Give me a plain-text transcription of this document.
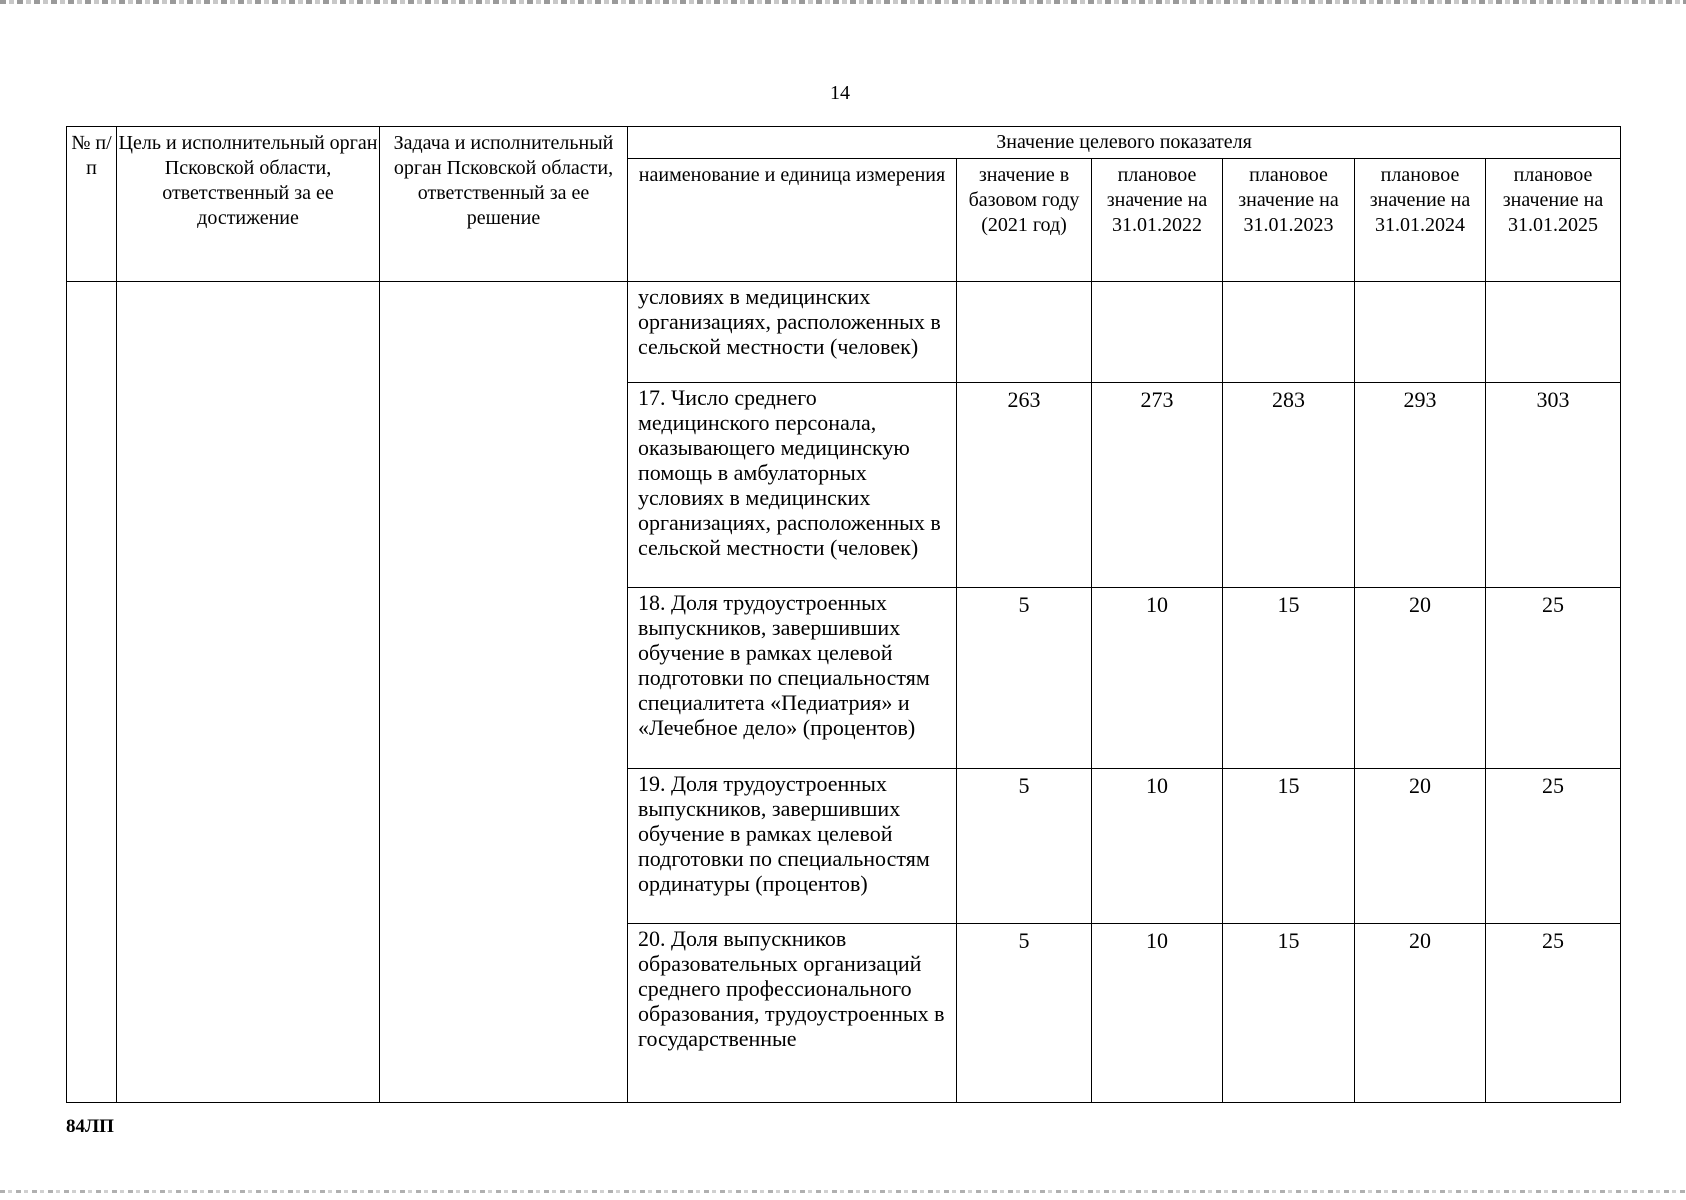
14
№ п/п	Цель и исполнительный орган Псковской области, ответственный за ее достижение	Задача и исполнительный орган Псковской области, ответственный за ее решение	Значение целевого показателя					
			наименование и единица измерения	значение в базовом году (2021 год)	плановое значение на 31.01.2022	плановое значение на 31.01.2023	плановое значение на 31.01.2024	плановое значение на 31.01.2025
			условиях в медицинских организациях, расположенных в сельской местности (человек)					
			17. Число среднего медицинского персонала, оказывающего медицинскую помощь в амбулаторных условиях в медицинских организациях, расположенных в сельской местности (человек)	263	273	283	293	303
			18. Доля трудоустроенных выпускников, завершивших обучение в рамках целевой подготовки по специальностям специалитета «Педиатрия» и «Лечебное дело» (процентов)	5	10	15	20	25
			19. Доля трудоустроенных выпускников, завершивших обучение в рамках целевой подготовки по специальностям ординатуры (процентов)	5	10	15	20	25
			20. Доля выпускников образовательных организаций среднего профессионального образования, трудоустроенных в государственные	5	10	15	20	25
84ЛП
